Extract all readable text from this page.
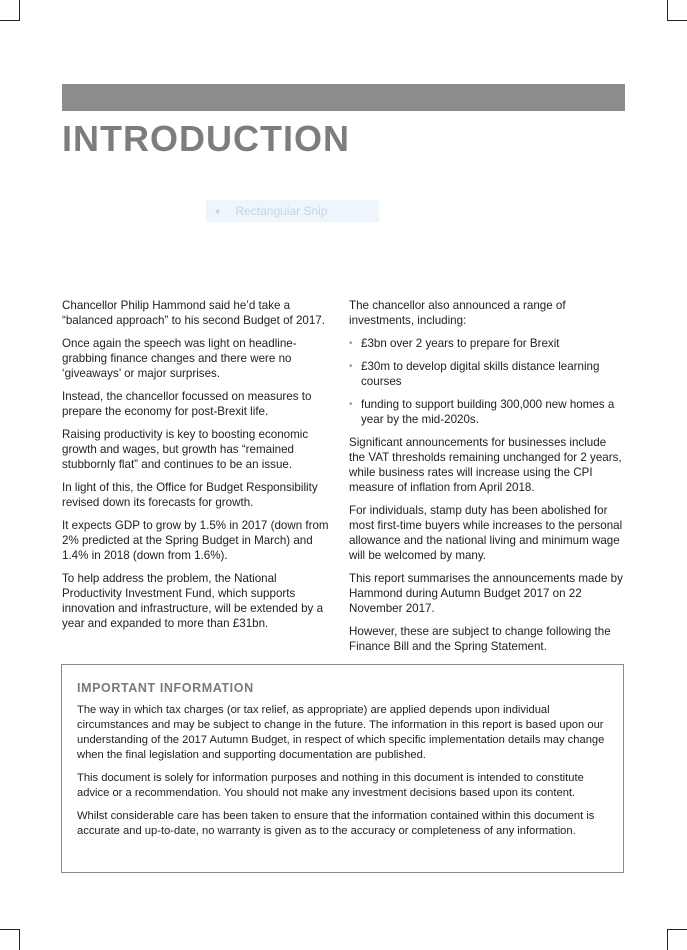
INTRODUCTION
● Rectangular Snip

Chancellor Philip Hammond said he’d take a “balanced approach” to his second Budget of 2017.

Once again the speech was light on headline-grabbing finance changes and there were no ‘giveaways’ or major surprises.

Instead, the chancellor focussed on measures to prepare the economy for post-Brexit life.

Raising productivity is key to boosting economic growth and wages, but growth has “remained stubbornly flat” and continues to be an issue.

In light of this, the Office for Budget Responsibility revised down its forecasts for growth.

It expects GDP to grow by 1.5% in 2017 (down from 2% predicted at the Spring Budget in March) and 1.4% in 2018 (down from 1.6%).

To help address the problem, the National Productivity Investment Fund, which supports innovation and infrastructure, will be extended by a year and expanded to more than £31bn.

The chancellor also announced a range of investments, including:

• £3bn over 2 years to prepare for Brexit
• £30m to develop digital skills distance learning courses
• funding to support building 300,000 new homes a year by the mid-2020s.

Significant announcements for businesses include the VAT thresholds remaining unchanged for 2 years, while business rates will increase using the CPI measure of inflation from April 2018.

For individuals, stamp duty has been abolished for most first-time buyers while increases to the personal allowance and the national living and minimum wage will be welcomed by many.

This report summarises the announcements made by Hammond during Autumn Budget 2017 on 22 November 2017.

However, these are subject to change following the Finance Bill and the Spring Statement.

IMPORTANT INFORMATION

The way in which tax charges (or tax relief, as appropriate) are applied depends upon individual circumstances and may be subject to change in the future. The information in this report is based upon our understanding of the 2017 Autumn Budget, in respect of which specific implementation details may change when the final legislation and supporting documentation are published.

This document is solely for information purposes and nothing in this document is intended to constitute advice or a recommendation. You should not make any investment decisions based upon its content.

Whilst considerable care has been taken to ensure that the information contained within this document is accurate and up-to-date, no warranty is given as to the accuracy or completeness of any information.
